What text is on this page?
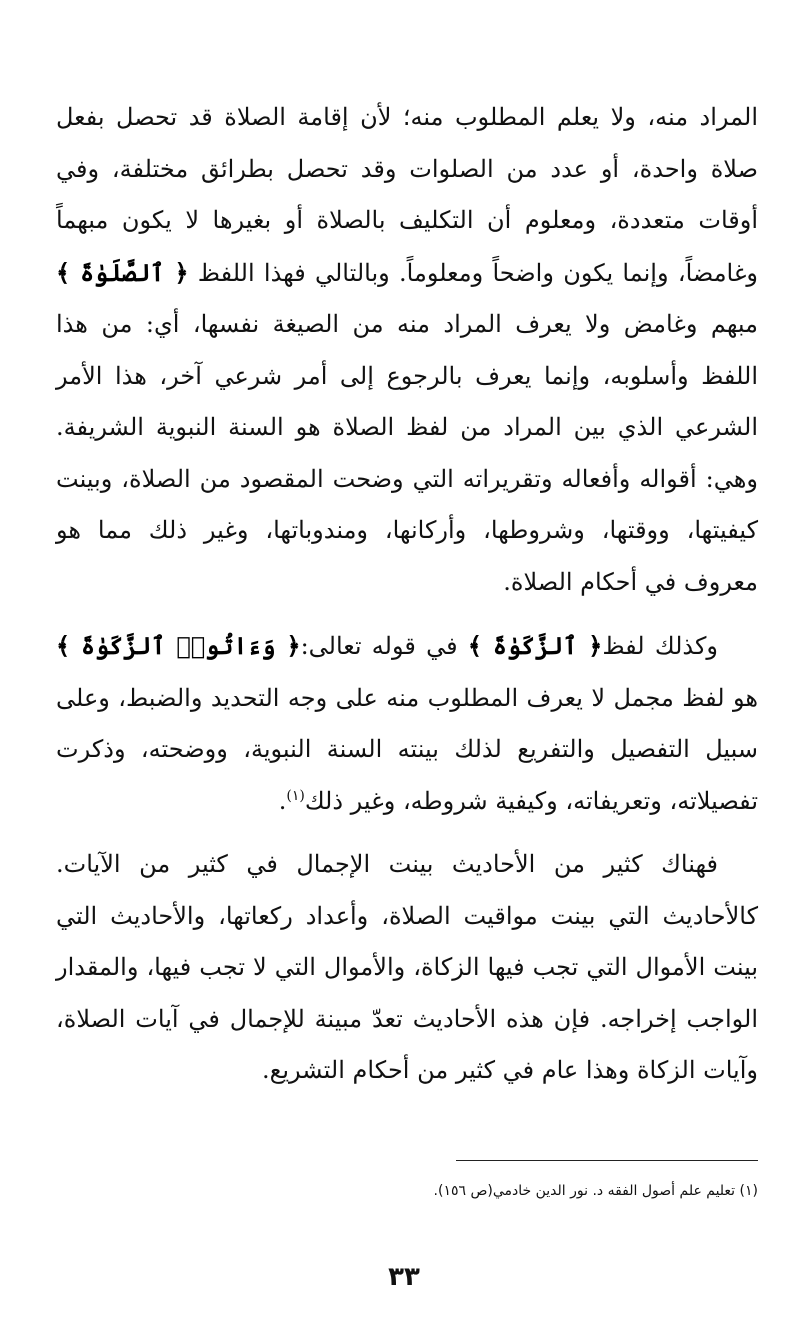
المراد منه، ولا يعلم المطلوب منه؛ لأن إقامة الصلاة قد تحصل بفعل صلاة واحدة، أو عدد من الصلوات وقد تحصل بطرائق مختلفة، وفي أوقات متعددة، ومعلوم أن التكليف بالصلاة أو بغيرها لا يكون مبهماً وغامضاً، وإنما يكون واضحاً ومعلوماً. وبالتالي فهذا اللفظ ﴿ ٱلصَّلَوٰةَ ﴾ مبهم وغامض ولا يعرف المراد منه من الصيغة نفسها، أي: من هذا اللفظ وأسلوبه، وإنما يعرف بالرجوع إلى أمر شرعي آخر، هذا الأمر الشرعي الذي بين المراد من لفظ الصلاة هو السنة النبوية الشريفة. وهي: أقواله وأفعاله وتقريراته التي وضحت المقصود من الصلاة، وبينت كيفيتها، ووقتها، وشروطها، وأركانها، ومندوباتها، وغير ذلك مما هو معروف في أحكام الصلاة.

وكذلك لفظ﴿ ٱلزَّكَوٰةَ ﴾ في قوله تعالى:﴿ وَءَاتُوا۟ ٱلزَّكَوٰةَ ﴾ هو لفظ مجمل لا يعرف المطلوب منه على وجه التحديد والضبط، وعلى سبيل التفصيل والتفريع لذلك بينته السنة النبوية، ووضحته، وذكرت تفصيلاته، وتعريفاته، وكيفية شروطه، وغير ذلك$^{(١)}$.

فهناك كثير من الأحاديث بينت الإجمال في كثير من الآيات. كالأحاديث التي بينت مواقيت الصلاة، وأعداد ركعاتها، والأحاديث التي بينت الأموال التي تجب فيها الزكاة، والأموال التي لا تجب فيها، والمقدار الواجب إخراجه. فإن هذه الأحاديث تعدّ مبينة للإجمال في آيات الصلاة، وآيات الزكاة وهذا عام في كثير من أحكام التشريع.

(١) تعليم علم أصول الفقه د. نور الدين خادمي(ص ١٥٦).
٣٣
